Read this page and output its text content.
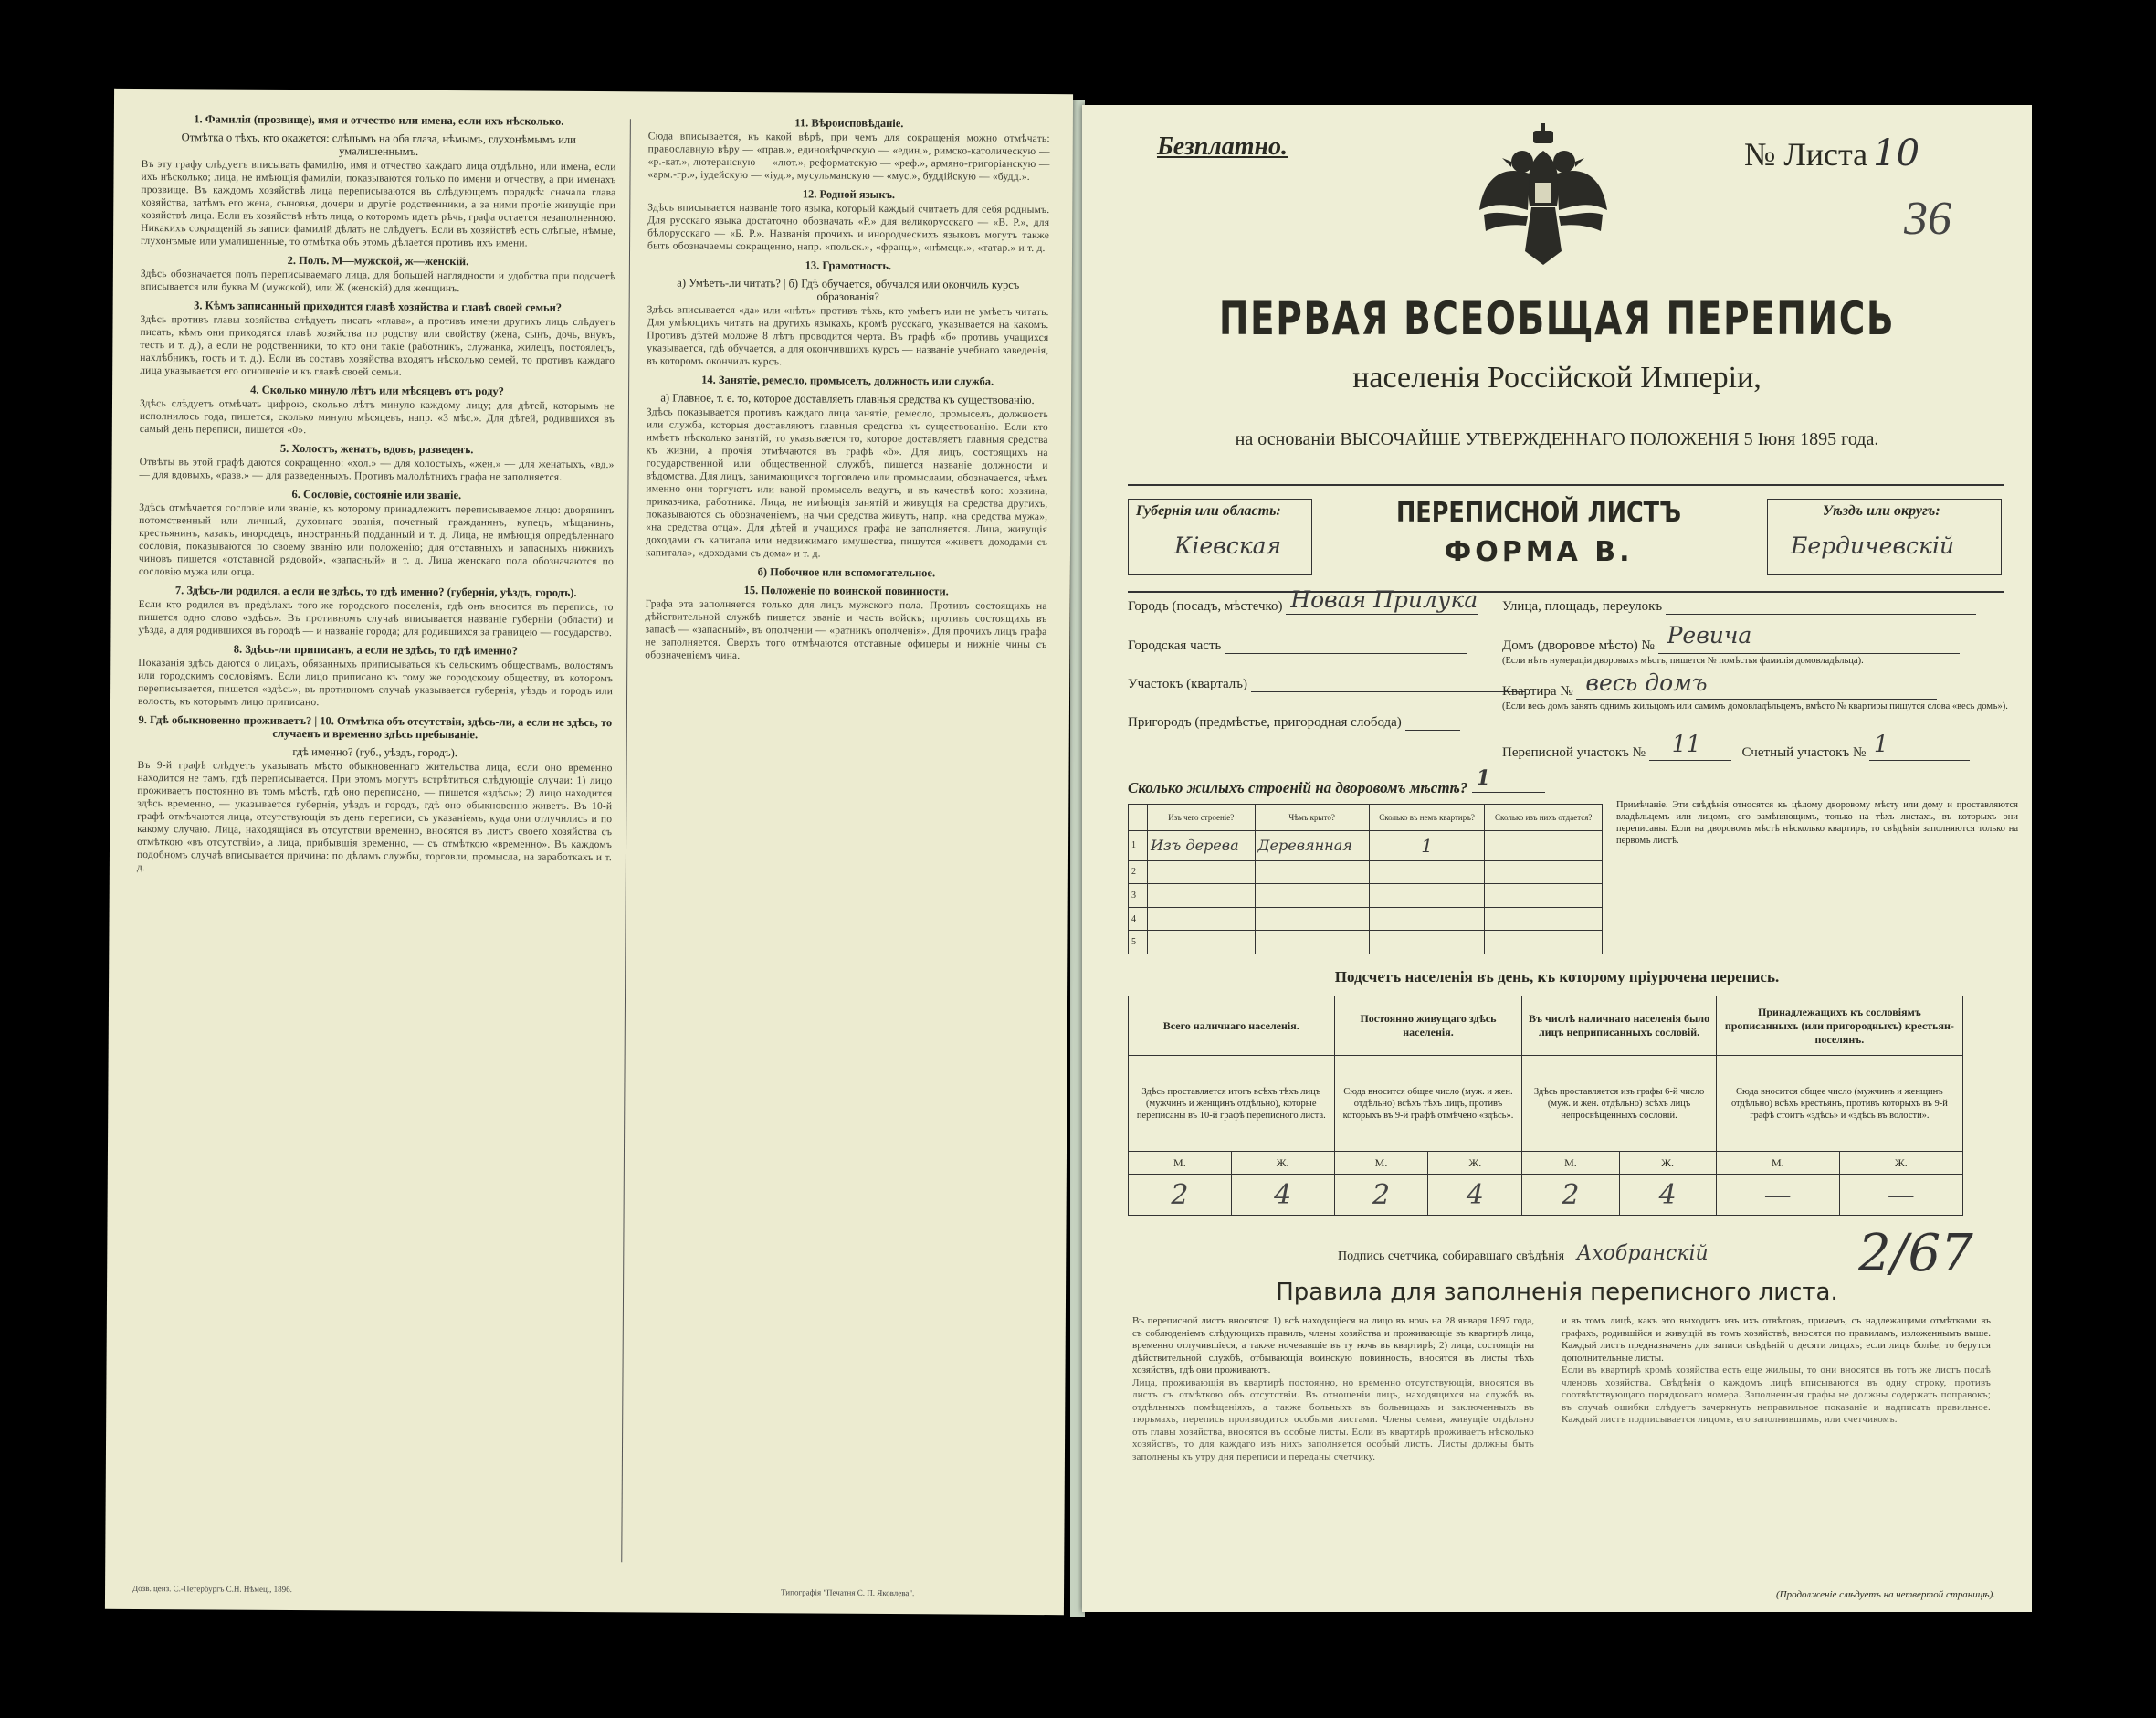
1. Фамилія (прозвище), имя и отчество или имена, если ихъ нѣсколько.
Отмѣтка о тѣхъ, кто окажется: слѣпымъ на оба глаза, нѣмымъ, глухонѣмымъ или умалишеннымъ.
Въ эту графу слѣдуетъ вписывать фамилію, имя и отчество каждаго лица отдѣльно, или имена, если ихъ нѣсколько; лица, не имѣющія фамиліи, показываются только по имени и отчеству, а при именахъ прозвище. Въ каждомъ хозяйствѣ лица переписываются въ слѣдующемъ порядкѣ: сначала глава хозяйства, затѣмъ его жена, сыновья, дочери и другіе родственники, а за ними прочіе живущіе при хозяйствѣ лица. Если въ хозяйствѣ нѣтъ лица, о которомъ идетъ рѣчь, графа остается незаполненною. Никакихъ сокращеній въ записи фамилій дѣлать не слѣдуетъ. Если въ хозяйствѣ есть слѣпые, нѣмые, глухонѣмые или умалишенные, то отмѣтка объ этомъ дѣлается противъ ихъ имени.
2. Полъ. М—мужской, ж—женскій.
Здѣсь обозначается полъ переписываемаго лица, для большей наглядности и удобства при подсчетѣ вписывается или буква М (мужской), или Ж (женскій) для женщинъ.
3. Кѣмъ записанный приходится главѣ хозяйства и главѣ своей семьи?
Здѣсь противъ главы хозяйства слѣдуетъ писать «глава», а противъ имени другихъ лицъ слѣдуетъ писать, кѣмъ они приходятся главѣ хозяйства по родству или свойству (жена, сынъ, дочь, внукъ, тесть и т. д.), а если не родственники, то кто они такіе (работникъ, служанка, жилецъ, постоялецъ, нахлѣбникъ, гость и т. д.). Если въ составъ хозяйства входятъ нѣсколько семей, то противъ каждаго лица указывается его отношеніе и къ главѣ своей семьи.
4. Сколько минуло лѣтъ или мѣсяцевъ отъ роду?
Здѣсь слѣдуетъ отмѣчать цифрою, сколько лѣтъ минуло каждому лицу; для дѣтей, которымъ не исполнилось года, пишется, сколько минуло мѣсяцевъ, напр. «3 мѣс.». Для дѣтей, родившихся въ самый день переписи, пишется «0».
5. Холостъ, женатъ, вдовъ, разведенъ.
Отвѣты въ этой графѣ даются сокращенно: «хол.» — для холостыхъ, «жен.» — для женатыхъ, «вд.» — для вдовыхъ, «разв.» — для разведенныхъ. Противъ малолѣтнихъ графа не заполняется.
6. Сословіе, состояніе или званіе.
Здѣсь отмѣчается сословіе или званіе, къ которому принадлежитъ переписываемое лицо: дворянинъ потомственный или личный, духовнаго званія, почетный гражданинъ, купецъ, мѣщанинъ, крестьянинъ, казакъ, инородецъ, иностранный подданный и т. д. Лица, не имѣющія опредѣленнаго сословія, показываются по своему званію или положенію; для отставныхъ и запасныхъ нижнихъ чиновъ пишется «отставной рядовой», «запасный» и т. д. Лица женскаго пола обозначаются по сословію мужа или отца.
7. Здѣсь-ли родился, а если не здѣсь, то гдѣ именно? (губернія, уѣздъ, городъ).
Если кто родился въ предѣлахъ того-же городского поселенія, гдѣ онъ вносится въ перепись, то пишется одно слово «здѣсь». Въ противномъ случаѣ вписывается названіе губерніи (области) и уѣзда, а для родившихся въ городѣ — и названіе города; для родившихся за границею — государство.
8. Здѣсь-ли приписанъ, а если не здѣсь, то гдѣ именно?
Показанія здѣсь даются о лицахъ, обязанныхъ приписываться къ сельскимъ обществамъ, волостямъ или городскимъ сословіямъ. Если лицо приписано къ тому же городскому обществу, въ которомъ переписывается, пишется «здѣсь», въ противномъ случаѣ указывается губернія, уѣздъ и городъ или волость, къ которымъ лицо приписано.
9. Гдѣ обыкновенно проживаетъ? | 10. Отмѣтка объ отсутствіи, здѣсь-ли, а если не здѣсь, то случаенъ и временно здѣсь пребываніе.
гдѣ именно? (губ., уѣздъ, городъ).
Въ 9-й графѣ слѣдуетъ указывать мѣсто обыкновеннаго жительства лица, если оно временно находится не тамъ, гдѣ переписывается. При этомъ могутъ встрѣтиться слѣдующіе случаи: 1) лицо проживаетъ постоянно въ томъ мѣстѣ, гдѣ оно переписано, — пишется «здѣсь»; 2) лицо находится здѣсь временно, — указывается губернія, уѣздъ и городъ, гдѣ оно обыкновенно живетъ. Въ 10-й графѣ отмѣчаются лица, отсутствующія въ день переписи, съ указаніемъ, куда они отлучились и по какому случаю. Лица, находящіяся въ отсутствіи временно, вносятся въ листъ своего хозяйства съ отмѣткою «въ отсутствіи», а лица, прибывшія временно, — съ отмѣткою «временно». Въ каждомъ подобномъ случаѣ вписывается причина: по дѣламъ службы, торговли, промысла, на заработкахъ и т. д.
11. Вѣроисповѣданіе.
Сюда вписывается, къ какой вѣрѣ, при чемъ для сокращенія можно отмѣчать: православную вѣру — «прав.», единовѣрческую — «един.», римско-католическую — «р.-кат.», лютеранскую — «лют.», реформатскую — «реф.», армяно-григоріанскую — «арм.-гр.», іудейскую — «іуд.», мусульманскую — «мус.», буддійскую — «будд.».
12. Родной языкъ.
Здѣсь вписывается названіе того языка, который каждый считаетъ для себя роднымъ. Для русскаго языка достаточно обозначать «Р.» для великорусскаго — «В. Р.», для бѣлорусскаго — «Б. Р.». Названія прочихъ и инородческихъ языковъ могутъ также быть обозначаемы сокращенно, напр. «польск.», «франц.», «нѣмецк.», «татар.» и т. д.
13. Грамотность.
а) Умѣетъ-ли читать? | б) Гдѣ обучается, обучался или окончилъ курсъ образованія?
Здѣсь вписывается «да» или «нѣтъ» противъ тѣхъ, кто умѣетъ или не умѣетъ читать. Для умѣющихъ читать на другихъ языкахъ, кромѣ русскаго, указывается на какомъ. Противъ дѣтей моложе 8 лѣтъ проводится черта. Въ графѣ «б» противъ учащихся указывается, гдѣ обучается, а для окончившихъ курсъ — названіе учебнаго заведенія, въ которомъ окончилъ курсъ.
14. Занятіе, ремесло, промыселъ, должность или служба.
а) Главное, т. е. то, которое доставляетъ главныя средства къ существованію.
Здѣсь показывается противъ каждаго лица занятіе, ремесло, промыселъ, должность или служба, которыя доставляютъ главныя средства къ существованію. Если кто имѣетъ нѣсколько занятій, то указывается то, которое доставляетъ главныя средства къ жизни, а прочія отмѣчаются въ графѣ «б». Для лицъ, состоящихъ на государственной или общественной службѣ, пишется названіе должности и вѣдомства. Для лицъ, занимающихся торговлею или промыслами, обозначается, чѣмъ именно они торгуютъ или какой промыселъ ведутъ, и въ качествѣ кого: хозяина, приказчика, работника. Лица, не имѣющія занятій и живущія на средства другихъ, показываются съ обозначеніемъ, на чьи средства живутъ, напр. «на средства мужа», «на средства отца». Для дѣтей и учащихся графа не заполняется. Лица, живущія доходами съ капитала или недвижимаго имущества, пишутся «живетъ доходами съ капитала», «доходами съ дома» и т. д.
б) Побочное или вспомогательное.
15. Положеніе по воинской повинности.
Графа эта заполняется только для лицъ мужского пола. Противъ состоящихъ на дѣйствительной службѣ пишется званіе и часть войскъ; противъ состоящихъ въ запасѣ — «запасный», въ ополченіи — «ратникъ ополченія». Для прочихъ лицъ графа не заполняется. Сверхъ того отмѣчаются отставные офицеры и нижніе чины съ обозначеніемъ чина.
Дозв. ценз. С.-Петербургъ С.Н. Нѣмец., 1896.	Типографія "Печатня С. П. Яковлева".
Безплатно.	№ Листа 10
36
ПЕРВАЯ ВСЕОБЩАЯ ПЕРЕПИСЬ
населенія Россійской Имперіи,
на основаніи ВЫСОЧАЙШЕ УТВЕРЖДЕННАГО ПОЛОЖЕНІЯ 5 Іюня 1895 года.
Губернія или область:
Кіевская
ПЕРЕПИСНОЙ ЛИСТЪ
ФОРМА В.
Уѣздъ или округъ:
Бердичевскій
Городъ (посадъ, мѣстечко) Новая Прилука
Городская часть
Участокъ (кварталъ)
Пригородъ (предмѣстье, пригородная слобода)
Улица, площадь, переулокъ
Домъ (дворовое мѣсто) № Ревича
(Если нѣтъ нумераціи дворовыхъ мѣстъ, пишется № помѣстья фамилія домовладѣльца).
Квартира № весь домъ
(Если весь домъ занятъ однимъ жильцомъ или самимъ домовладѣльцемъ, вмѣсто № квартиры пишутся слова «весь домъ»).
Переписной участокъ № 11	Счетный участокъ № 1
Сколько жилыхъ строеній на дворовомъ мѣстѣ? 1
	Изъ чего строеніе?	Чѣмъ крыто?	Сколько въ немъ квартиръ?	Сколько изъ нихъ отдается?
1	Изъ дерева	Деревянная	1	
2				
3				
4				
5				
Примѣчаніе. Эти свѣдѣнія относятся къ цѣлому дворовому мѣсту или дому и проставляются владѣльцемъ или лицомъ, его замѣняющимъ, только на тѣхъ листахъ, въ которыхъ они переписаны. Если на дворовомъ мѣстѣ нѣсколько квартиръ, то свѣдѣнія заполняются только на первомъ листѣ.
Подсчетъ населенія въ день, къ которому пріурочена перепись.
Всего наличнаго населенія.		Постоянно живущаго здѣсь населенія.		Въ числѣ наличнаго населенія было лицъ неприписанныхъ сословій.		Принадлежащихъ къ сословіямъ прописанныхъ (или пригородныхъ) крестьян-поселянъ.	
Здѣсь проставляется итогъ всѣхъ тѣхъ лицъ (мужчинъ и женщинъ отдѣльно), которые переписаны въ 10-й графѣ переписного листа.		Сюда вносится общее число (муж. и жен. отдѣльно) всѣхъ тѣхъ лицъ, противъ которыхъ въ 9-й графѣ отмѣчено «здѣсь».		Здѣсь проставляется изъ графы 6-й число (муж. и жен. отдѣльно) всѣхъ лицъ непросвѣщенныхъ сословій.		Сюда вносится общее число (мужчинъ и женщинъ отдѣльно) всѣхъ крестьянъ, противъ которыхъ въ 9-й графѣ стоитъ «здѣсь» и «здѣсь въ волости».	
М.	Ж.	М.	Ж.	М.	Ж.	М.	Ж.
2	4	2	4	2	4	—	—
Подпись счетчика, собиравшаго свѣдѣнія Ахобранскій	2/67
Правила для заполненія переписного листа.
Въ переписной листъ вносятся: 1) всѣ находящіеся на лицо въ ночь на 28 января 1897 года, съ соблюденіемъ слѣдующихъ правилъ, члены хозяйства и проживающіе въ квартирѣ лица, временно отлучившіеся, а также ночевавшіе въ ту ночь въ квартирѣ; 2) лица, состоящія на дѣйствительной службѣ, отбывающія воинскую повинность, вносятся въ листы тѣхъ хозяйствъ, гдѣ они проживаютъ.
Лица, проживающія въ квартирѣ постоянно, но временно отсутствующія, вносятся въ листъ съ отмѣткою объ отсутствіи. Въ отношеніи лицъ, находящихся на службѣ въ отдѣльныхъ помѣщеніяхъ, а также больныхъ въ больницахъ и заключенныхъ въ тюрьмахъ, перепись производится особыми листами. Члены семьи, живущіе отдѣльно отъ главы хозяйства, вносятся въ особые листы. Если въ квартирѣ проживаетъ нѣсколько хозяйствъ, то для каждаго изъ нихъ заполняется особый листъ. Листы должны быть заполнены къ утру дня переписи и переданы счетчику.
и въ томъ лицѣ, какъ это выходитъ изъ ихъ отвѣтовъ, причемъ, съ надлежащими отмѣтками въ графахъ, родившійся и живущій въ томъ хозяйствѣ, вносятся по правиламъ, изложеннымъ выше. Каждый листъ предназначенъ для записи свѣдѣній о десяти лицахъ; если лицъ болѣе, то берутся дополнительные листы.
Если въ квартирѣ кромѣ хозяйства есть еще жильцы, то они вносятся въ тотъ же листъ послѣ членовъ хозяйства. Свѣдѣнія о каждомъ лицѣ вписываются въ одну строку, противъ соотвѣтствующаго порядковаго номера. Заполненныя графы не должны содержать поправокъ; въ случаѣ ошибки слѣдуетъ зачеркнуть неправильное показаніе и надписать правильное. Каждый листъ подписывается лицомъ, его заполнившимъ, или счетчикомъ.
(Продолженіе слѣдуетъ на четвертой страницѣ).
